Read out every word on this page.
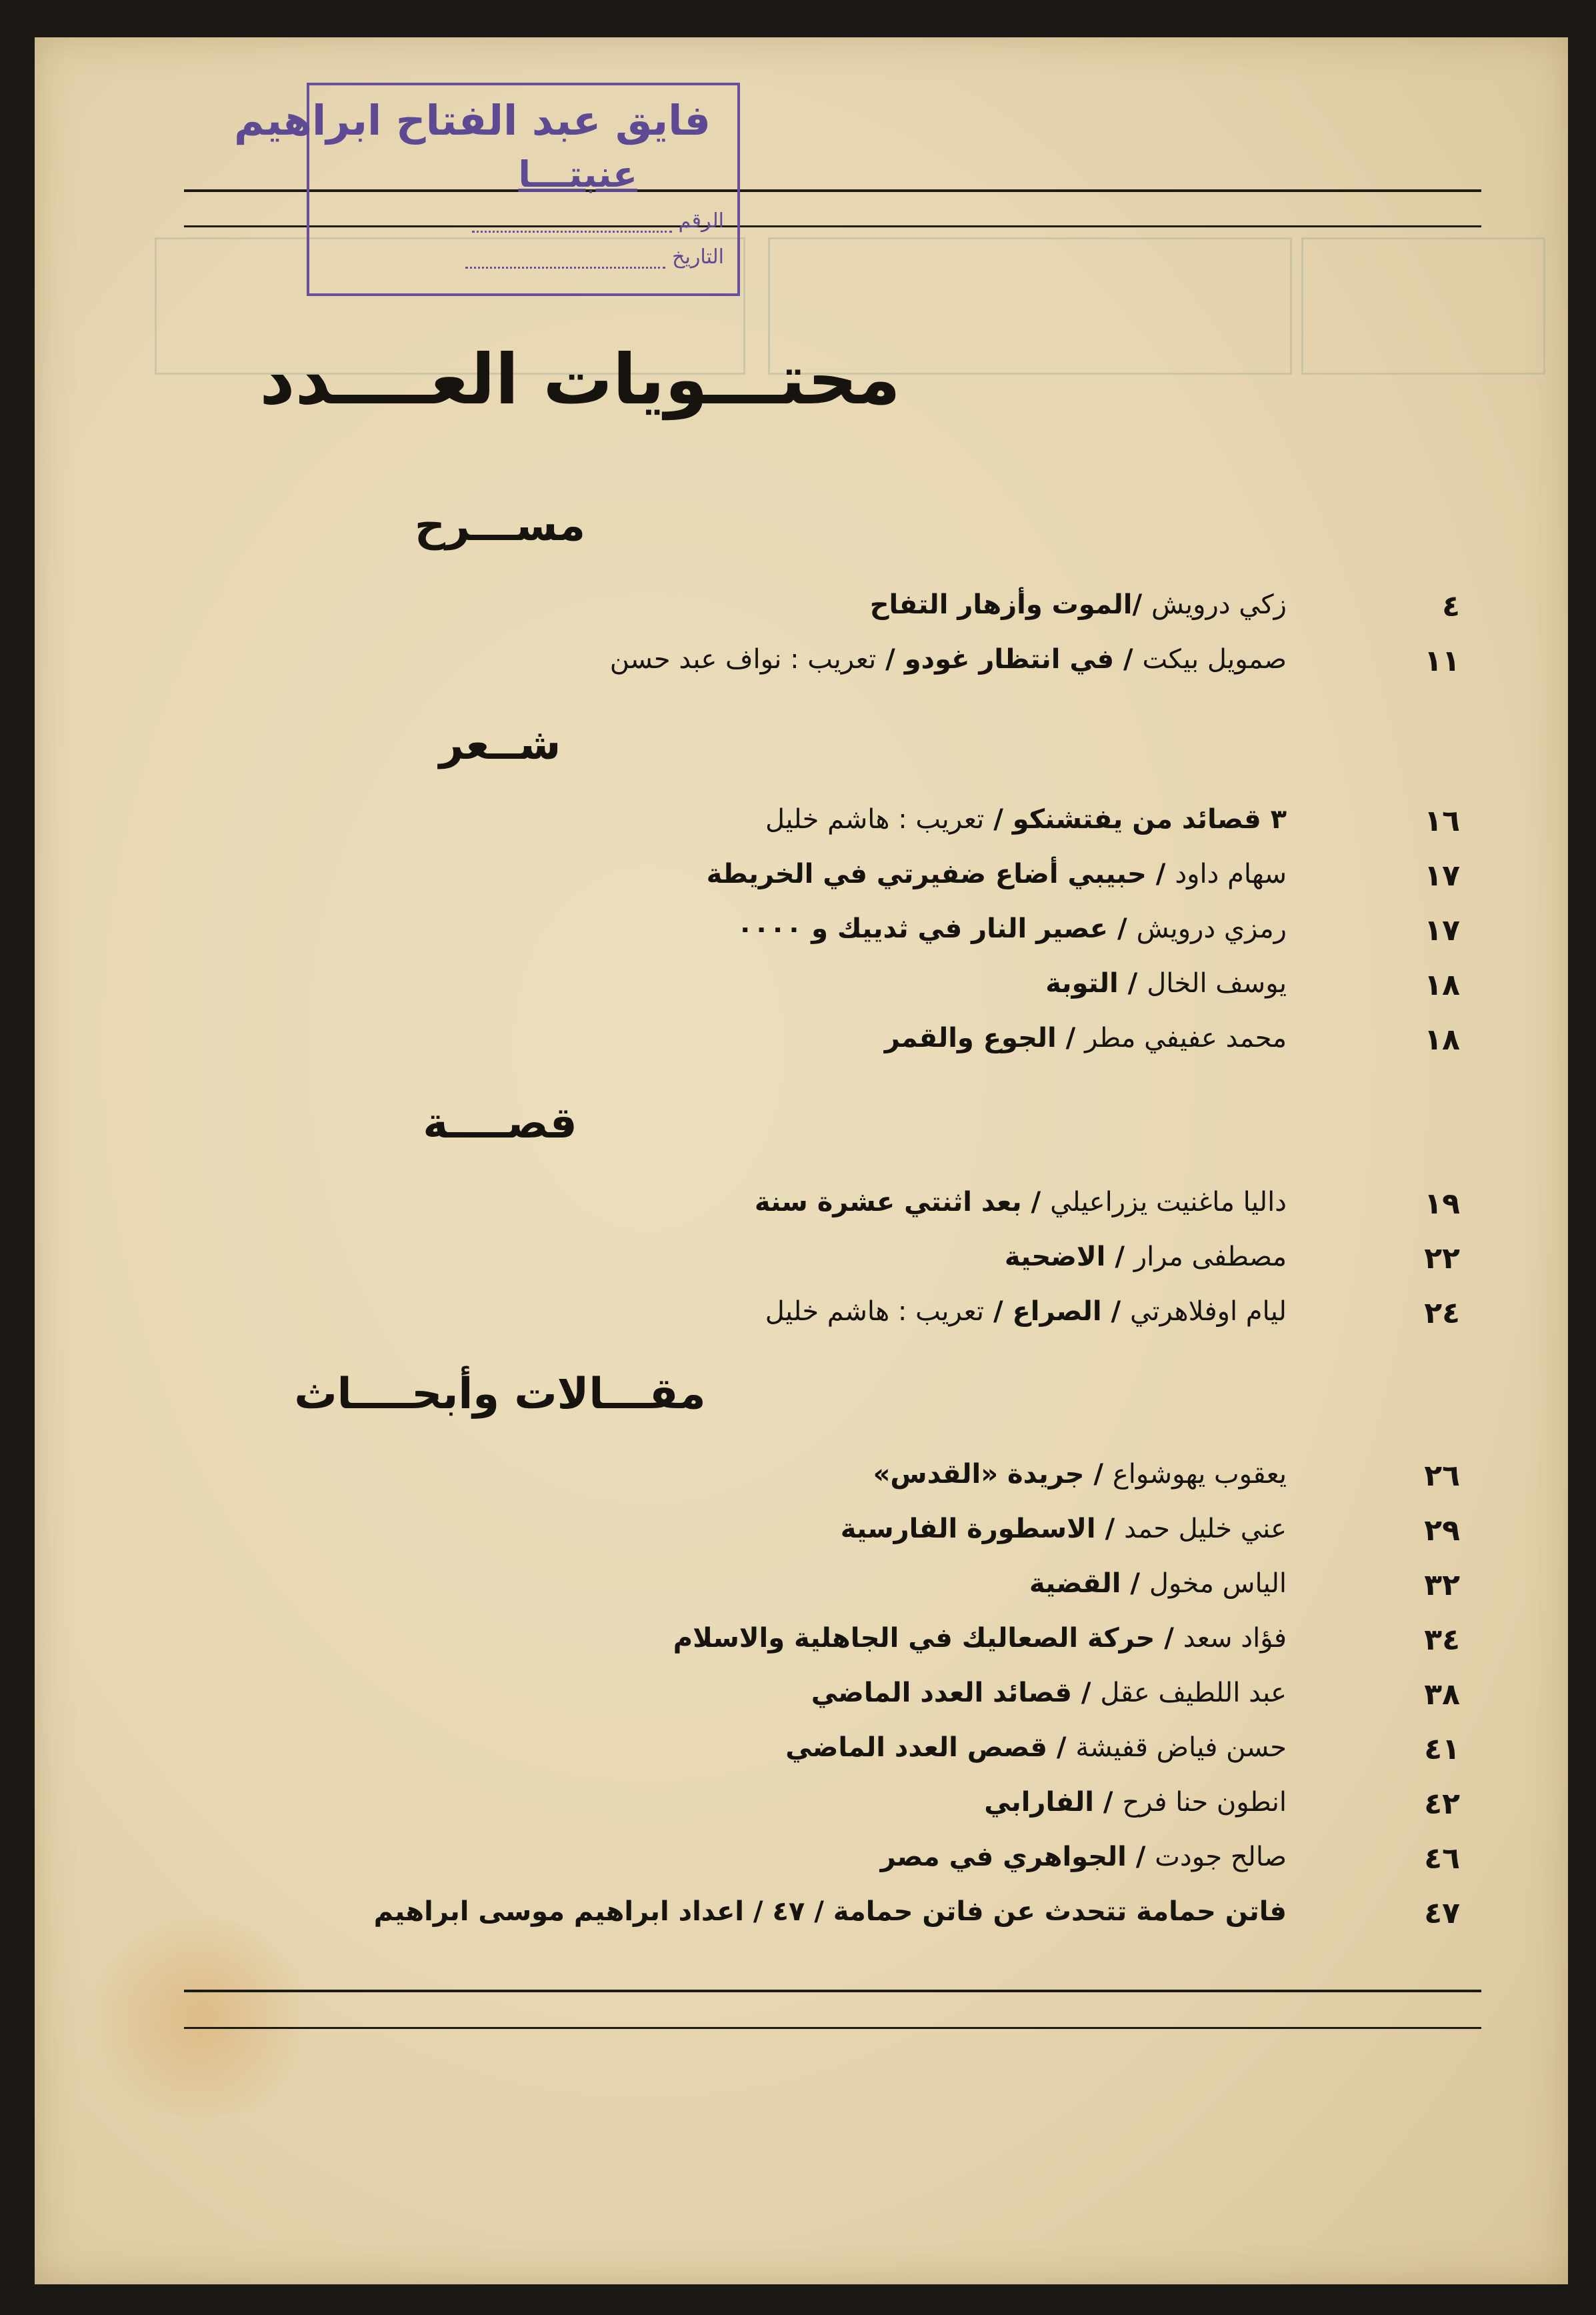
فايق عبد الفتاح ابراهيم
عنبتـــا
الرقم
التاريخ
محتـــويات العــــدد
مســـرح
٤
زكي درويش /الموت وأزهار التفاح
١١
صمويل بيكت / في انتظار غودو / تعريب : نواف عبد حسن
شــعر
١٦
٣ قصائد من يفتشنكو / تعريب : هاشم خليل
١٧
سهام داود / حبيبي أضاع ضفيرتي في الخريطة
١٧
رمزي درويش / عصير النار في ثدييك و ٠٠٠٠
١٨
يوسف الخال / التوبة
١٨
محمد عفيفي مطر / الجوع والقمر
قصــــة
١٩
داليا ماغنيت يزراعيلي / بعد اثنتي عشرة سنة
٢٢
مصطفى مرار / الاضحية
٢٤
ليام اوفلاهرتي / الصراع / تعريب : هاشم خليل
مقـــالات وأبحــــاث
٢٦
يعقوب يهوشواع / جريدة «القدس»
٢٩
عني خليل حمد / الاسطورة الفارسية
٣٢
الياس مخول / القضية
٣٤
فؤاد سعد / حركة الصعاليك في الجاهلية والاسلام
٣٨
عبد اللطيف عقل / قصائد العدد الماضي
٤١
حسن فياض قفيشة / قصص العدد الماضي
٤٢
انطون حنا فرح / الفارابي
٤٦
صالح جودت / الجواهري في مصر
٤٧
فاتن حمامة تتحدث عن فاتن حمامة / ٤٧ / اعداد ابراهيم موسى ابراهيم
